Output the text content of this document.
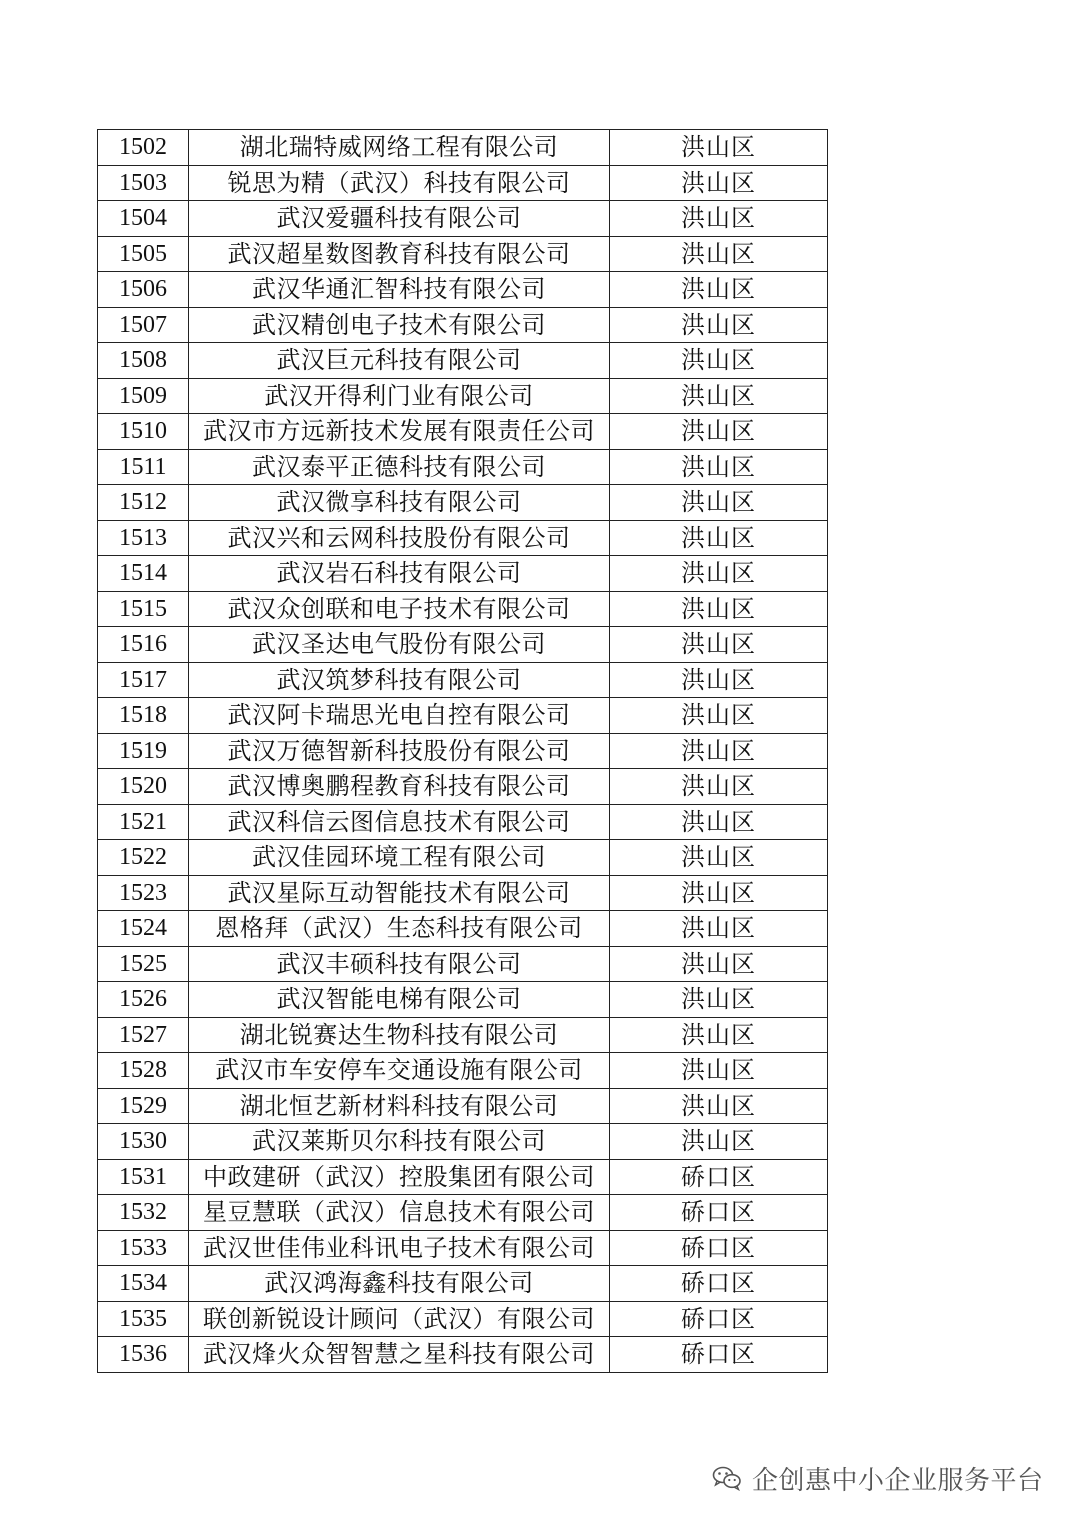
1502	湖北瑞特威网络工程有限公司	洪山区
1503	锐思为精（武汉）科技有限公司	洪山区
1504	武汉爱疆科技有限公司	洪山区
1505	武汉超星数图教育科技有限公司	洪山区
1506	武汉华通汇智科技有限公司	洪山区
1507	武汉精创电子技术有限公司	洪山区
1508	武汉巨元科技有限公司	洪山区
1509	武汉开得利门业有限公司	洪山区
1510	武汉市方远新技术发展有限责任公司	洪山区
1511	武汉泰平正德科技有限公司	洪山区
1512	武汉微享科技有限公司	洪山区
1513	武汉兴和云网科技股份有限公司	洪山区
1514	武汉岩石科技有限公司	洪山区
1515	武汉众创联和电子技术有限公司	洪山区
1516	武汉圣达电气股份有限公司	洪山区
1517	武汉筑梦科技有限公司	洪山区
1518	武汉阿卡瑞思光电自控有限公司	洪山区
1519	武汉万德智新科技股份有限公司	洪山区
1520	武汉博奥鹏程教育科技有限公司	洪山区
1521	武汉科信云图信息技术有限公司	洪山区
1522	武汉佳园环境工程有限公司	洪山区
1523	武汉星际互动智能技术有限公司	洪山区
1524	恩格拜（武汉）生态科技有限公司	洪山区
1525	武汉丰硕科技有限公司	洪山区
1526	武汉智能电梯有限公司	洪山区
1527	湖北锐赛达生物科技有限公司	洪山区
1528	武汉市车安停车交通设施有限公司	洪山区
1529	湖北恒艺新材料科技有限公司	洪山区
1530	武汉莱斯贝尔科技有限公司	洪山区
1531	中政建研（武汉）控股集团有限公司	硚口区
1532	星豆慧联（武汉）信息技术有限公司	硚口区
1533	武汉世佳伟业科讯电子技术有限公司	硚口区
1534	武汉鸿海鑫科技有限公司	硚口区
1535	联创新锐设计顾问（武汉）有限公司	硚口区
1536	武汉烽火众智智慧之星科技有限公司	硚口区
企创惠中小企业服务平台
